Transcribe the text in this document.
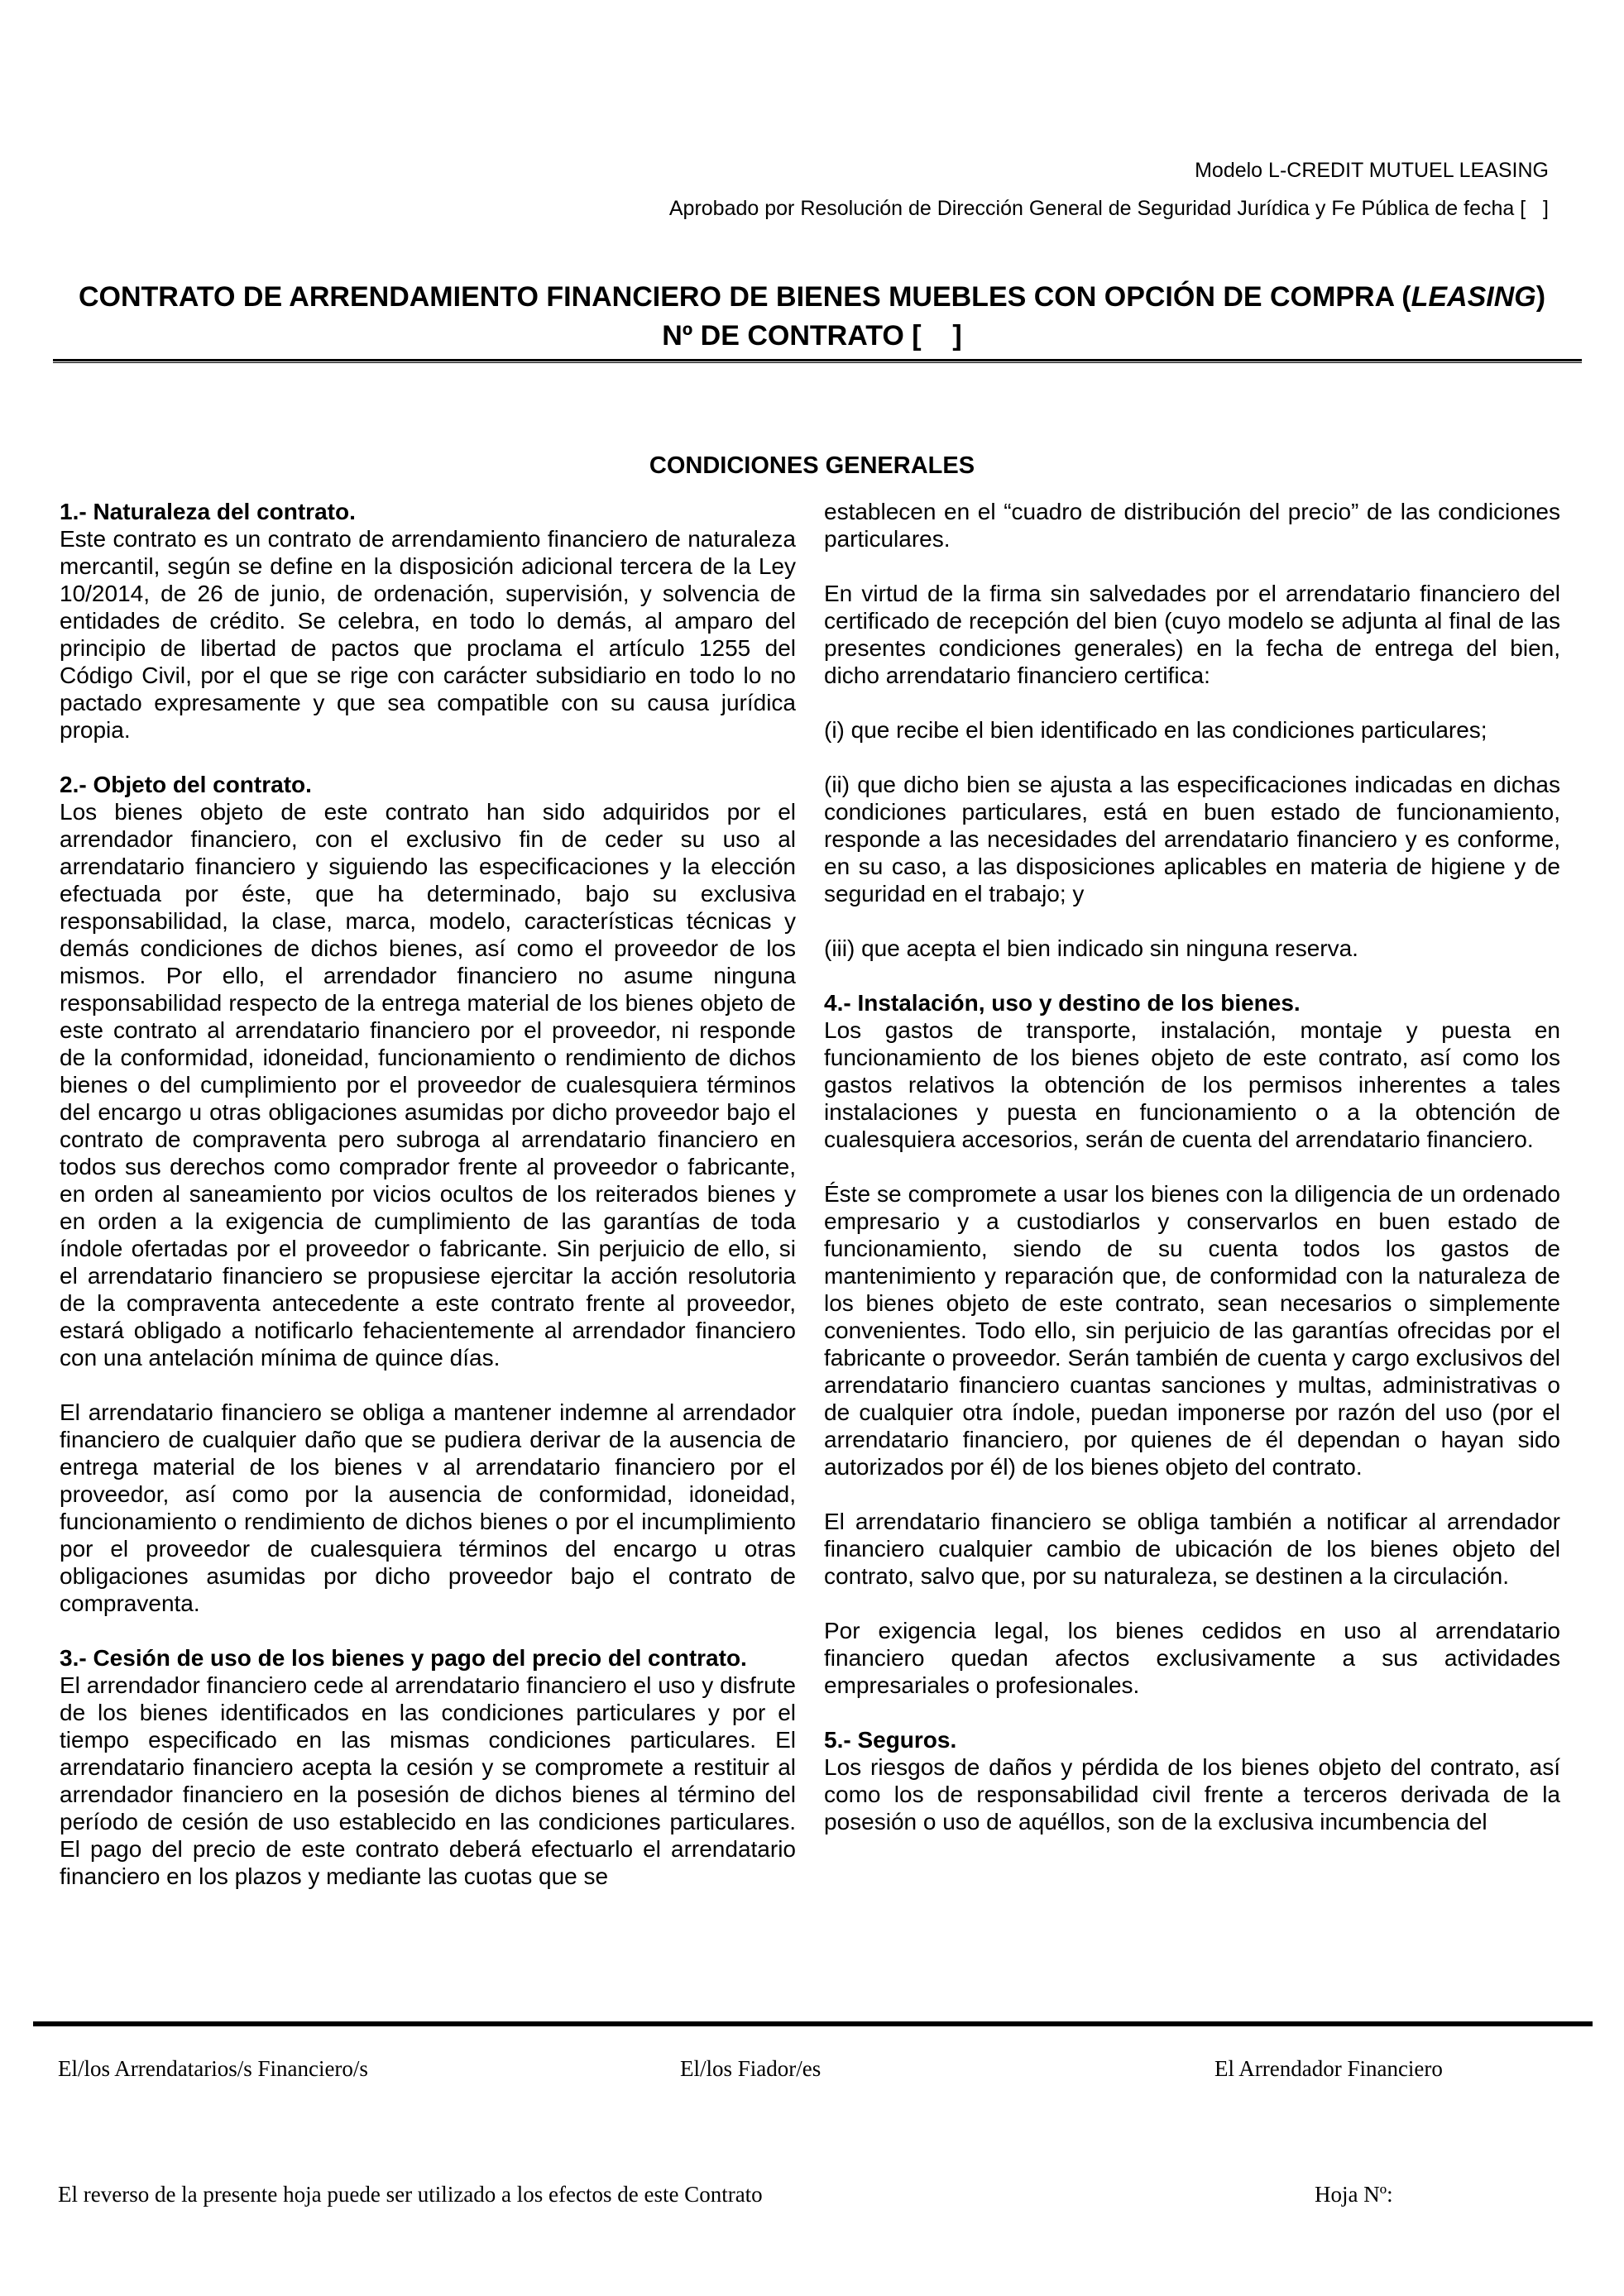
Modelo L-CREDIT MUTUEL LEASING
Aprobado por Resolución de Dirección General de Seguridad Jurídica y Fe Pública de fecha [   ]
CONTRATO DE ARRENDAMIENTO FINANCIERO DE BIENES MUEBLES CON OPCIÓN DE COMPRA (LEASING)
Nº DE CONTRATO [    ]
CONDICIONES GENERALES
1.- Naturaleza del contrato.

Este contrato es un contrato de arrendamiento financiero de naturaleza mercantil, según se define en la disposición adicional tercera de la Ley 10/2014, de 26 de junio, de ordenación, supervisión, y solvencia de entidades de crédito. Se celebra, en todo lo demás, al amparo del principio de libertad de pactos que proclama el artículo 1255 del Código Civil, por el que se rige con carácter subsidiario en todo lo no pactado expresamente y que sea compatible con su causa jurídica propia.

2.- Objeto del contrato.

Los bienes objeto de este contrato han sido adquiridos por el arrendador financiero, con el exclusivo fin de ceder su uso al arrendatario financiero y siguiendo las especificaciones y la elección efectuada por éste, que ha determinado, bajo su exclusiva responsabilidad, la clase, marca, modelo, características técnicas y demás condiciones de dichos bienes, así como el proveedor de los mismos. Por ello, el arrendador financiero no asume ninguna responsabilidad respecto de la entrega material de los bienes objeto de este contrato al arrendatario financiero por el proveedor, ni responde de la conformidad, idoneidad, funcionamiento o rendimiento de dichos bienes o del cumplimiento por el proveedor de cualesquiera términos del encargo u otras obligaciones asumidas por dicho proveedor bajo el contrato de compraventa pero subroga al arrendatario financiero en todos sus derechos como comprador frente al proveedor o fabricante, en orden al saneamiento por vicios ocultos de los reiterados bienes y en orden a la exigencia de cumplimiento de las garantías de toda índole ofertadas por el proveedor o fabricante. Sin perjuicio de ello, si el arrendatario financiero se propusiese ejercitar la acción resolutoria de la compraventa antecedente a este contrato frente al proveedor, estará obligado a notificarlo fehacientemente al arrendador financiero con una antelación mínima de quince días.

El arrendatario financiero se obliga a mantener indemne al arrendador financiero de cualquier daño que se pudiera derivar de la ausencia de entrega material de los bienes v al arrendatario financiero por el proveedor, así como por la ausencia de conformidad, idoneidad, funcionamiento o rendimiento de dichos bienes o por el incumplimiento por el proveedor de cualesquiera términos del encargo u otras obligaciones asumidas por dicho proveedor bajo el contrato de compraventa.

3.- Cesión de uso de los bienes y pago del precio del contrato.

El arrendador financiero cede al arrendatario financiero el uso y disfrute de los bienes identificados en las condiciones particulares y por el tiempo especificado en las mismas condiciones particulares. El arrendatario financiero acepta la cesión y se compromete a restituir al arrendador financiero en la posesión de dichos bienes al término del período de cesión de uso establecido en las condiciones particulares. El pago del precio de este contrato deberá efectuarlo el arrendatario financiero en los plazos y mediante las cuotas que se

establecen en el “cuadro de distribución del precio” de las condiciones particulares.

En virtud de la firma sin salvedades por el arrendatario financiero del certificado de recepción del bien (cuyo modelo se adjunta al final de las presentes condiciones generales) en la fecha de entrega del bien, dicho arrendatario financiero certifica:

(i) que recibe el bien identificado en las condiciones particulares;

(ii) que dicho bien se ajusta a las especificaciones indicadas en dichas condiciones particulares, está en buen estado de funcionamiento, responde a las necesidades del arrendatario financiero y es conforme, en su caso, a las disposiciones aplicables en materia de higiene y de seguridad en el trabajo; y

(iii) que acepta el bien indicado sin ninguna reserva.

4.- Instalación, uso y destino de los bienes.

Los gastos de transporte, instalación, montaje y puesta en funcionamiento de los bienes objeto de este contrato, así como los gastos relativos la obtención de los permisos inherentes a tales instalaciones y puesta en funcionamiento o a la obtención de cualesquiera accesorios, serán de cuenta del arrendatario financiero.

Éste se compromete a usar los bienes con la diligencia de un ordenado empresario y a custodiarlos y conservarlos en buen estado de funcionamiento, siendo de su cuenta todos los gastos de mantenimiento y reparación que, de conformidad con la naturaleza de los bienes objeto de este contrato, sean necesarios o simplemente convenientes. Todo ello, sin perjuicio de las garantías ofrecidas por el fabricante o proveedor. Serán también de cuenta y cargo exclusivos del arrendatario financiero cuantas sanciones y multas, administrativas o de cualquier otra índole, puedan imponerse por razón del uso (por el arrendatario financiero, por quienes de él dependan o hayan sido autorizados por él) de los bienes objeto del contrato.

El arrendatario financiero se obliga también a notificar al arrendador financiero cualquier cambio de ubicación de los bienes objeto del contrato, salvo que, por su naturaleza, se destinen a la circulación.

Por exigencia legal, los bienes cedidos en uso al arrendatario financiero quedan afectos exclusivamente a sus actividades empresariales o profesionales.

5.- Seguros.

Los riesgos de daños y pérdida de los bienes objeto del contrato, así como los de responsabilidad civil frente a terceros derivada de la posesión o uso de aquéllos, son de la exclusiva incumbencia del

El/los Arrendatarios/s Financiero/s	El/los Fiador/es	El Arrendador Financiero
El reverso de la presente hoja puede ser utilizado a los efectos de este Contrato	Hoja Nº:
